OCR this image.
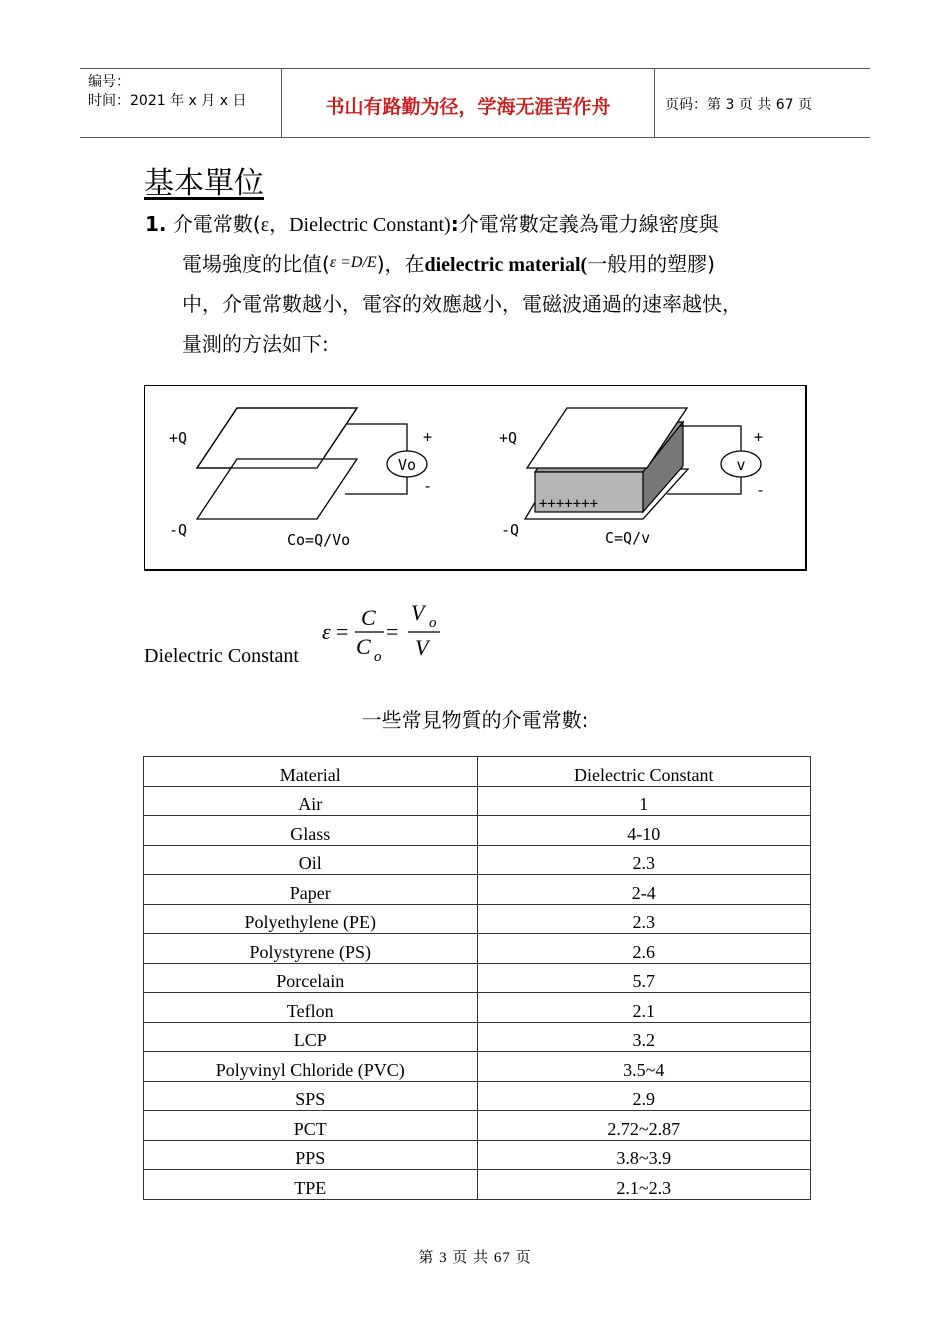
编号：
时间：2021 年 x 月 x 日	书山有路勤为径，学海无涯苦作舟	页码：第 3 页 共 67 页
基本單位
1. 介電常數(ε，Dielectric Constant):介電常數定義為電力線密度與
電場強度的比值($^{\varepsilon =D/E}$)，在dielectric material(一般用的塑膠)
中，介電常數越小，電容的效應越小，電磁波通過的速率越快，
量測的方法如下:
Vo
+
-
+Q
-Q
Co=Q/Vo
+++++++
v
+
-
+Q
-Q	C=Q/v
Dielectric Constant
ε =
C
C o
=
V o
V
一些常見物質的介電常數:
Material	Dielectric Constant
Air	1
Glass	4-10
Oil	2.3
Paper	2-4
Polyethylene (PE)	2.3
Polystyrene (PS)	2.6
Porcelain	5.7
Teflon	2.1
LCP	3.2
Polyvinyl Chloride (PVC)	3.5~4
SPS	2.9
PCT	2.72~2.87
PPS	3.8~3.9
TPE	2.1~2.3
第 3 页 共 67 页
